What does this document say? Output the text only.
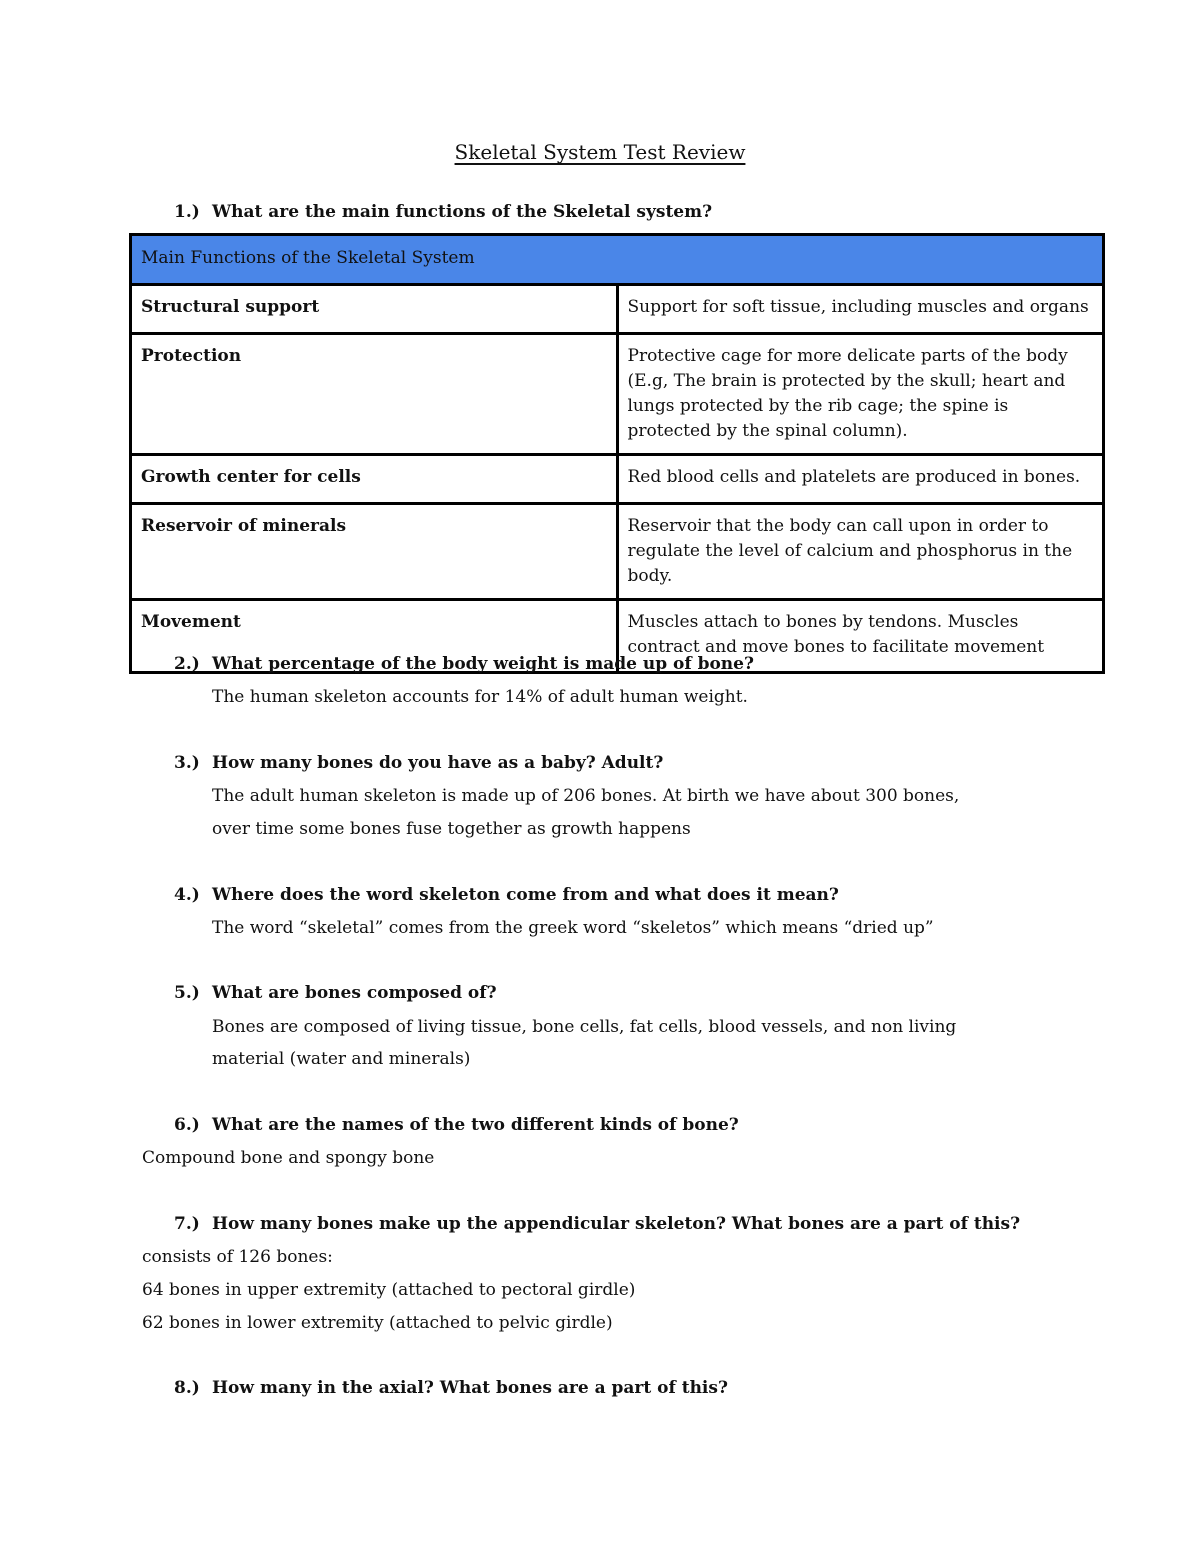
Skeletal System Test Review
1.) What are the main functions of the Skeletal system?
Main Functions of the Skeletal System	
Structural support	Support for soft tissue, including muscles and organs
Protection	Protective cage for more delicate parts of the body (E.g, The brain is protected by the skull; heart and lungs protected by the rib cage; the spine is protected by the spinal column).
Growth center for cells	Red blood cells and platelets are produced in bones.
Reservoir of minerals	Reservoir that the body can call upon in order to regulate the level of calcium and phosphorus in the body.
Movement	Muscles attach to bones by tendons. Muscles contract and move bones to facilitate movement
2.) What percentage of the body weight is made up of bone?
The human skeleton accounts for 14% of adult human weight.
3.) How many bones do you have as a baby? Adult?
The adult human skeleton is made up of 206 bones. At birth we have about 300 bones,
over time some bones fuse together as growth happens
4.) Where does the word skeleton come from and what does it mean?
The word “skeletal” comes from the greek word “skeletos” which means “dried up”
5.) What are bones composed of?
Bones are composed of living tissue, bone cells, fat cells, blood vessels, and non living
material (water and minerals)
6.) What are the names of the two different kinds of bone?
Compound bone and spongy bone
7.) How many bones make up the appendicular skeleton? What bones are a part of this?
consists of 126 bones:
64 bones in upper extremity (attached to pectoral girdle)
62 bones in lower extremity (attached to pelvic girdle)
8.) How many in the axial? What bones are a part of this?
